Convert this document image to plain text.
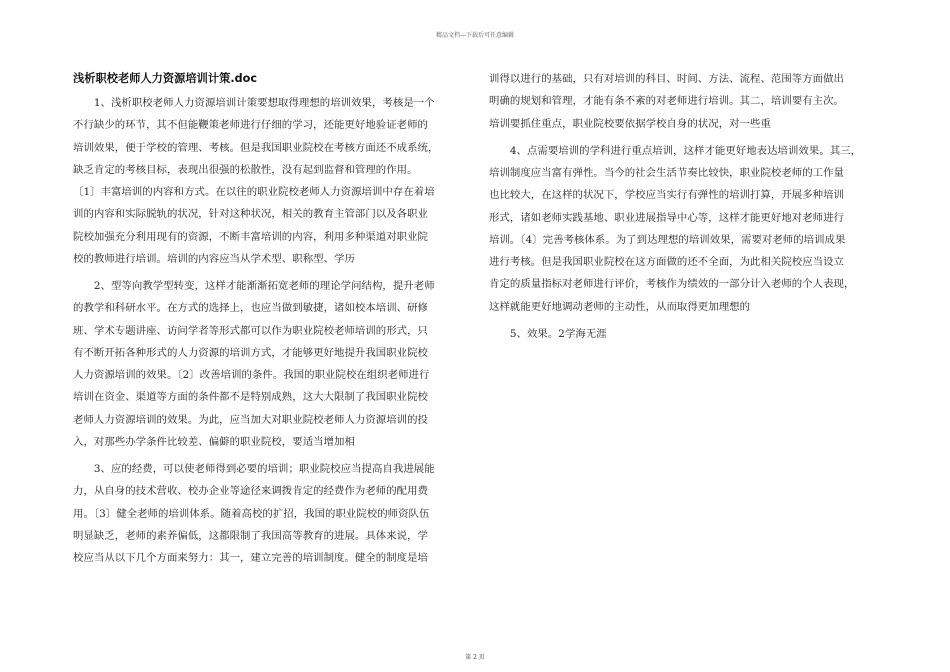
精品文档—下载后可任意编辑
浅析职校老师人力资源培训计策.doc
　　1、浅析职校老师人力资源培训计策要想取得理想的培训效果，考核是一个
不行缺少的环节，其不但能鞭策老师进行仔细的学习，还能更好地验证老师的
培训效果，便于学校的管理、考核。但是我国职业院校在考核方面还不成系统，
缺乏肯定的考核目标，表现出很强的松散性，没有起到监督和管理的作用。
〔1〕丰富培训的内容和方式。在以往的职业院校老师人力资源培训中存在着培
训的内容和实际脱轨的状况，针对这种状况，相关的教育主管部门以及各职业
院校加强充分利用现有的资源，不断丰富培训的内容，利用多种渠道对职业院
校的教师进行培训。培训的内容应当从学术型、职称型、学历
　　2、型等向教学型转变，这样才能渐渐拓宽老师的理论学问结构，提升老师
的教学和科研水平。在方式的选择上，也应当做到敏捷，诸如校本培训、研修
班、学术专题讲座、访问学者等形式都可以作为职业院校老师培训的形式，只
有不断开拓各种形式的人力资源的培训方式，才能够更好地提升我国职业院校
人力资源培训的效果。〔2〕改善培训的条件。我国的职业院校在组织老师进行
培训在资金、渠道等方面的条件都不是特别成熟，这大大限制了我国职业院校
老师人力资源培训的效果。为此，应当加大对职业院校老师人力资源培训的投
入，对那些办学条件比较差、偏僻的职业院校，要适当增加相
　　3、应的经费，可以使老师得到必要的培训；职业院校应当提高自我进展能
力，从自身的技术营收、校办企业等途径来调拨肯定的经费作为老师的配用费
用。〔3〕健全老师的培训体系。随着高校的扩招，我国的职业院校的师资队伍
明显缺乏，老师的素养偏低，这都限制了我国高等教育的进展。具体来说，学
校应当从以下几个方面来努力：其一，建立完善的培训制度。健全的制度是培
训得以进行的基础，只有对培训的科目、时间、方法、流程、范围等方面做出
明确的规划和管理，才能有条不紊的对老师进行培训。其二，培训要有主次。
培训要抓住重点，职业院校要依据学校自身的状况，对一些重
　　4、点需要培训的学科进行重点培训，这样才能更好地表达培训效果。其三，
培训制度应当富有弹性。当今的社会生活节奏比较快，职业院校老师的工作量
也比较大，在这样的状况下，学校应当实行有弹性的培训打算，开展多种培训
形式，诸如老师实践基地、职业进展指导中心等，这样才能更好地对老师进行
培训。〔4〕完善考核体系。为了到达理想的培训效果，需要对老师的培训成果
进行考核。但是我国职业院校在这方面做的还不全面，为此相关院校应当设立
肯定的质量指标对老师进行评价，考核作为绩效的一部分计入老师的个人表现，
这样就能更好地调动老师的主动性，从而取得更加理想的
　　5、效果。2学海无涯
第 2 页
